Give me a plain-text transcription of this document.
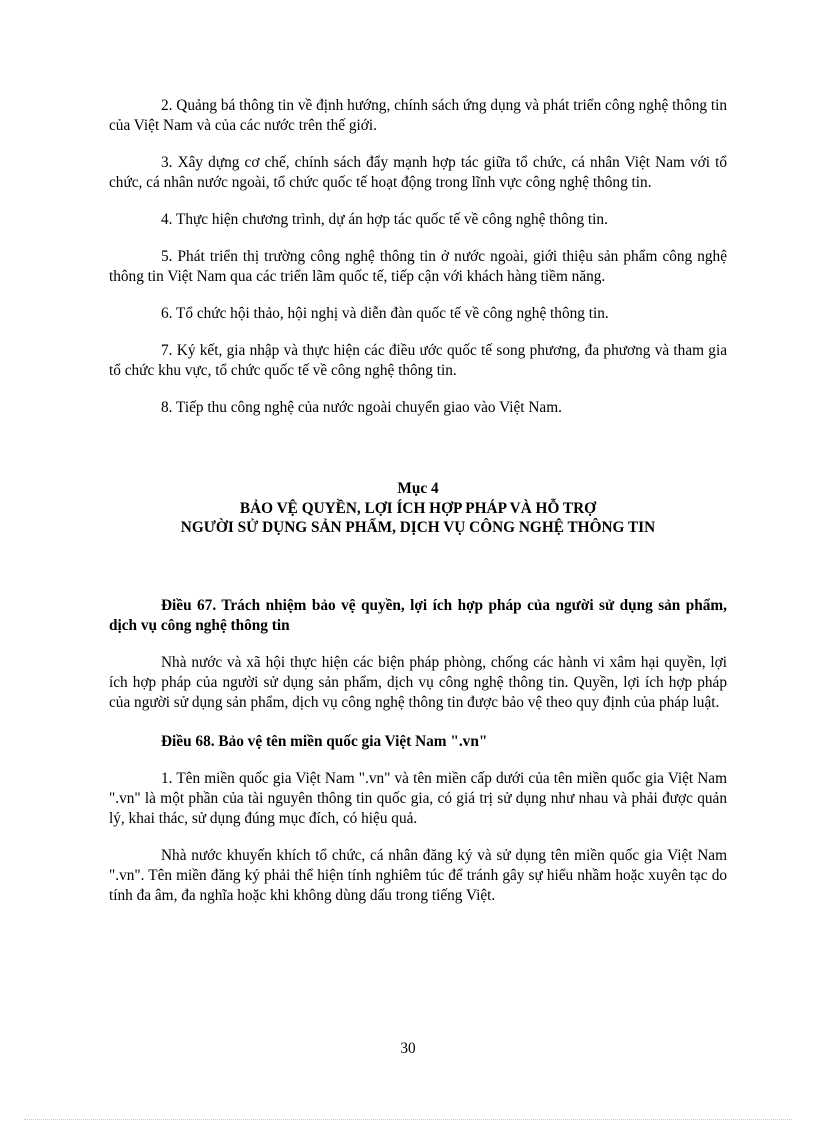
2. Quảng bá thông tin về định hướng, chính sách ứng dụng và phát triển công nghệ thông tin của Việt Nam và của các nước trên thế giới.

3. Xây dựng cơ chế, chính sách đẩy mạnh hợp tác giữa tổ chức, cá nhân Việt Nam với tổ chức, cá nhân nước ngoài, tổ chức quốc tế hoạt động trong lĩnh vực công nghệ thông tin.

4. Thực hiện chương trình, dự án hợp tác quốc tế về công nghệ thông tin.

5. Phát triển thị trường công nghệ thông tin ở nước ngoài, giới thiệu sản phẩm công nghệ thông tin Việt Nam qua các triển lãm quốc tế, tiếp cận với khách hàng tiềm năng.

6. Tổ chức hội thảo, hội nghị và diễn đàn quốc tế về công nghệ thông tin.

7. Ký kết, gia nhập và thực hiện các điều ước quốc tế song phương, đa phương và tham gia tổ chức khu vực, tổ chức quốc tế về công nghệ thông tin.

8. Tiếp thu công nghệ của nước ngoài chuyển giao vào Việt Nam.

Mục 4
BẢO VỆ QUYỀN, LỢI ÍCH HỢP PHÁP VÀ HỖ TRỢ
NGƯỜI SỬ DỤNG SẢN PHẨM, DỊCH VỤ CÔNG NGHỆ THÔNG TIN

Điều 67. Trách nhiệm bảo vệ quyền, lợi ích hợp pháp của người sử dụng sản phẩm, dịch vụ công nghệ thông tin

Nhà nước và xã hội thực hiện các biện pháp phòng, chống các hành vi xâm hại quyền, lợi ích hợp pháp của người sử dụng sản phẩm, dịch vụ công nghệ thông tin. Quyền, lợi ích hợp pháp của người sử dụng sản phẩm, dịch vụ công nghệ thông tin được bảo vệ theo quy định của pháp luật.

Điều 68. Bảo vệ tên miền quốc gia Việt Nam ".vn"

1. Tên miền quốc gia Việt Nam ".vn" và tên miền cấp dưới của tên miền quốc gia Việt Nam ".vn" là một phần của tài nguyên thông tin quốc gia, có giá trị sử dụng như nhau và phải được quản lý, khai thác, sử dụng đúng mục đích, có hiệu quả.

Nhà nước khuyến khích tổ chức, cá nhân đăng ký và sử dụng tên miền quốc gia Việt Nam ".vn". Tên miền đăng ký phải thể hiện tính nghiêm túc để tránh gây sự hiểu nhầm hoặc xuyên tạc do tính đa âm, đa nghĩa hoặc khi không dùng dấu trong tiếng Việt.

30
